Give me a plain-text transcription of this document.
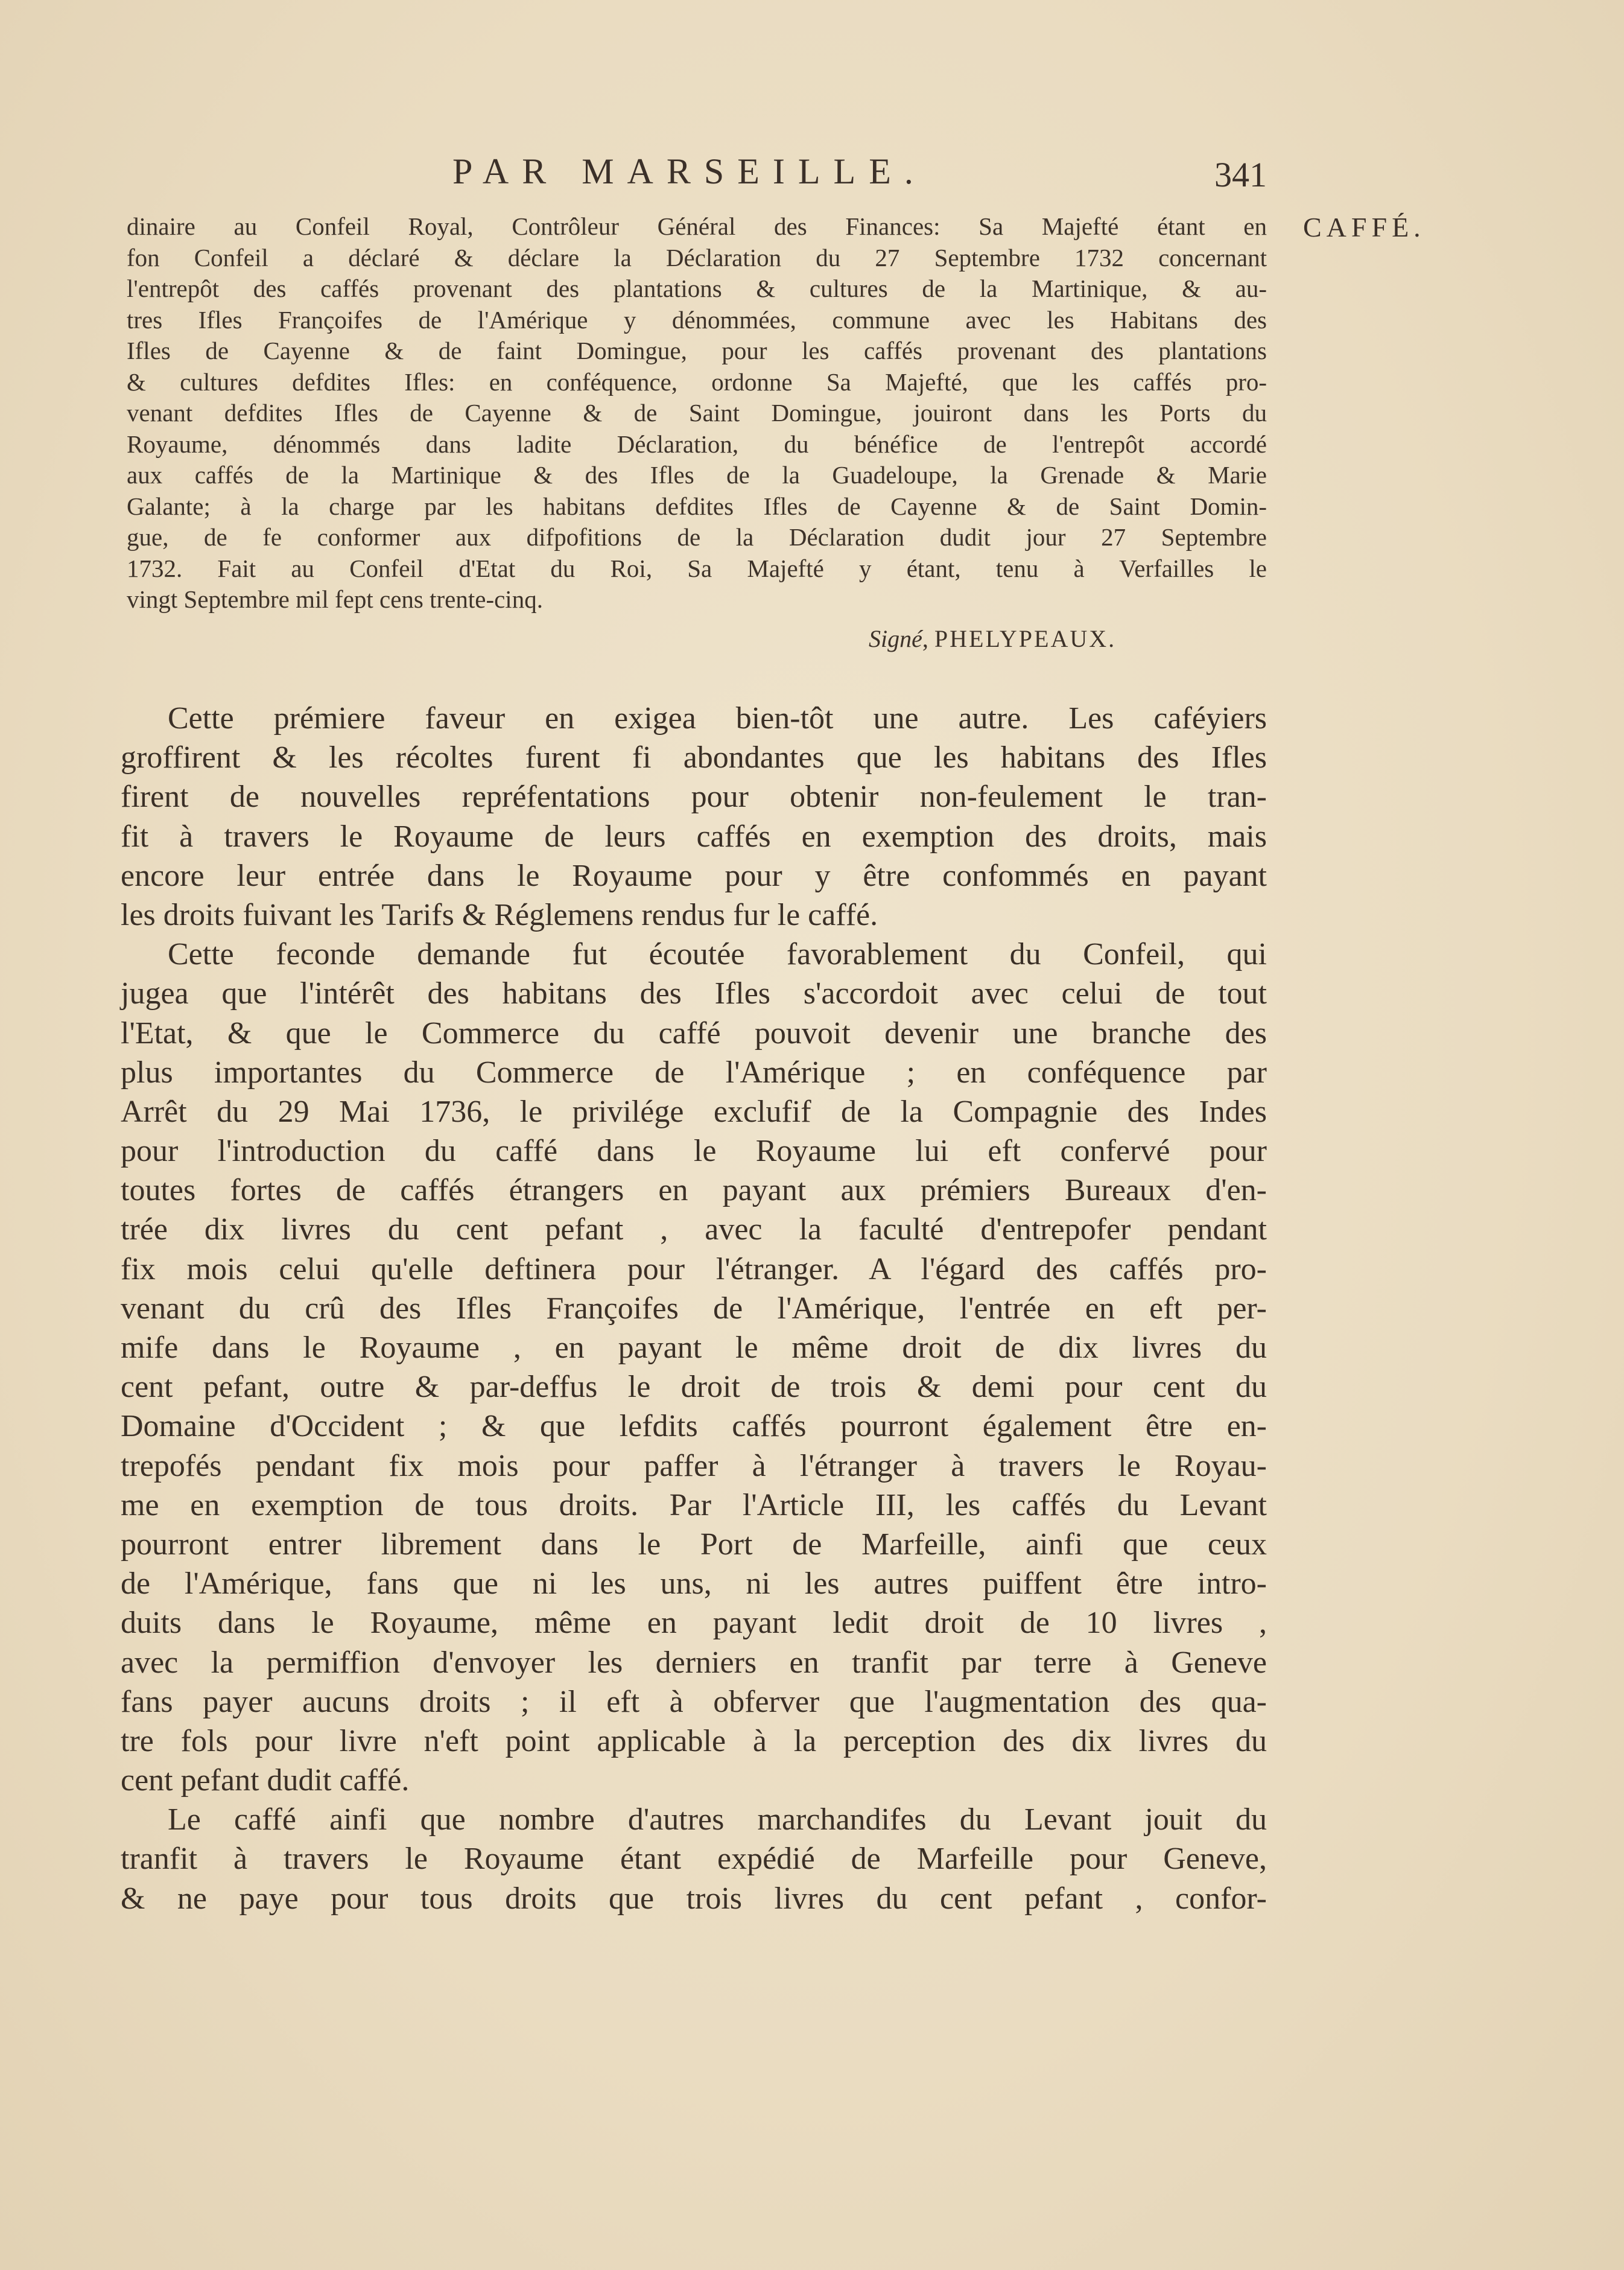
PAR MARSEILLE.	341
CAFFÉ.
dinaire au Confeil Royal, Contrôleur Général des Finances: Sa Majefté étant en
fon Confeil a déclaré & déclare la Déclaration du 27 Septembre 1732 concernant
l'entrepôt des caffés provenant des plantations & cultures de la Martinique, & au-
tres Ifles Françoifes de l'Amérique y dénommées, commune avec les Habitans des
Ifles de Cayenne & de faint Domingue, pour les caffés provenant des plantations
& cultures defdites Ifles: en conféquence, ordonne Sa Majefté, que les caffés pro-
venant defdites Ifles de Cayenne & de Saint Domingue, jouiront dans les Ports du
Royaume, dénommés dans ladite Déclaration, du bénéfice de l'entrepôt accordé
aux caffés de la Martinique & des Ifles de la Guadeloupe, la Grenade & Marie
Galante; à la charge par les habitans defdites Ifles de Cayenne & de Saint Domin-
gue, de fe conformer aux difpofitions de la Déclaration dudit jour 27 Septembre
1732. Fait au Confeil d'Etat du Roi, Sa Majefté y étant, tenu à Verfailles le
vingt Septembre mil fept cens trente-cinq.
Signé, PHELYPEAUX.
Cette prémiere faveur en exigea bien-tôt une autre. Les caféyiers
groffirent & les récoltes furent fi abondantes que les habitans des Ifles
firent de nouvelles repréfentations pour obtenir non-feulement le tran-
fit à travers le Royaume de leurs caffés en exemption des droits, mais
encore leur entrée dans le Royaume pour y être confommés en payant
les droits fuivant les Tarifs & Réglemens rendus fur le caffé.
Cette feconde demande fut écoutée favorablement du Confeil, qui
jugea que l'intérêt des habitans des Ifles s'accordoit avec celui de tout
l'Etat, & que le Commerce du caffé pouvoit devenir une branche des
plus importantes du Commerce de l'Amérique ; en conféquence par
Arrêt du 29 Mai 1736, le privilége exclufif de la Compagnie des Indes
pour l'introduction du caffé dans le Royaume lui eft confervé pour
toutes fortes de caffés étrangers en payant aux prémiers Bureaux d'en-
trée dix livres du cent pefant , avec la faculté d'entrepofer pendant
fix mois celui qu'elle deftinera pour l'étranger. A l'égard des caffés pro-
venant du crû des Ifles Françoifes de l'Amérique, l'entrée en eft per-
mife dans le Royaume , en payant le même droit de dix livres du
cent pefant, outre & par-deffus le droit de trois & demi pour cent du
Domaine d'Occident ; & que lefdits caffés pourront également être en-
trepofés pendant fix mois pour paffer à l'étranger à travers le Royau-
me en exemption de tous droits. Par l'Article III, les caffés du Levant
pourront entrer librement dans le Port de Marfeille, ainfi que ceux
de l'Amérique, fans que ni les uns, ni les autres puiffent être intro-
duits dans le Royaume, même en payant ledit droit de 10 livres ,
avec la permiffion d'envoyer les derniers en tranfit par terre à Geneve
fans payer aucuns droits ; il eft à obferver que l'augmentation des qua-
tre fols pour livre n'eft point applicable à la perception des dix livres du
cent pefant dudit caffé.
Le caffé ainfi que nombre d'autres marchandifes du Levant jouit du
tranfit à travers le Royaume étant expédié de Marfeille pour Geneve,
& ne paye pour tous droits que trois livres du cent pefant , confor-
